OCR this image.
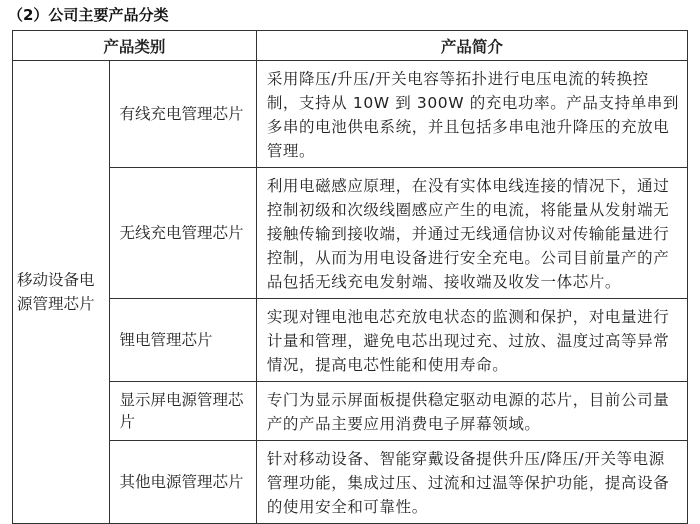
（2）公司主要产品分类
产品类别		产品简介

移动设备电
源管理芯片	有线充电管理芯片	采用降压/升压/开关电容等拓扑进行电压电流的转换控
制，支持从 10W 到 300W 的充电功率。产品支持单串到
多串的电池供电系统，并且包括多串电池升降压的充放电
管理。

	无线充电管理芯片	利用电磁感应原理，在没有实体电线连接的情况下，通过
控制初级和次级线圈感应产生的电流，将能量从发射端无
接触传输到接收端，并通过无线通信协议对传输能量进行
控制，从而为用电设备进行安全充电。公司目前量产的产
品包括无线充电发射端、接收端及收发一体芯片。

	锂电管理芯片	实现对锂电池电芯充放电状态的监测和保护，对电量进行
计量和管理，避免电芯出现过充、过放、温度过高等异常
情况，提高电芯性能和使用寿命。

	显示屏电源管理芯
片	专门为显示屏面板提供稳定驱动电源的芯片，目前公司量
产的产品主要应用消费电子屏幕领域。

	其他电源管理芯片	针对移动设备、智能穿戴设备提供升压/降压/开关等电源
管理功能，集成过压、过流和过温等保护功能，提高设备
的使用安全和可靠性。
